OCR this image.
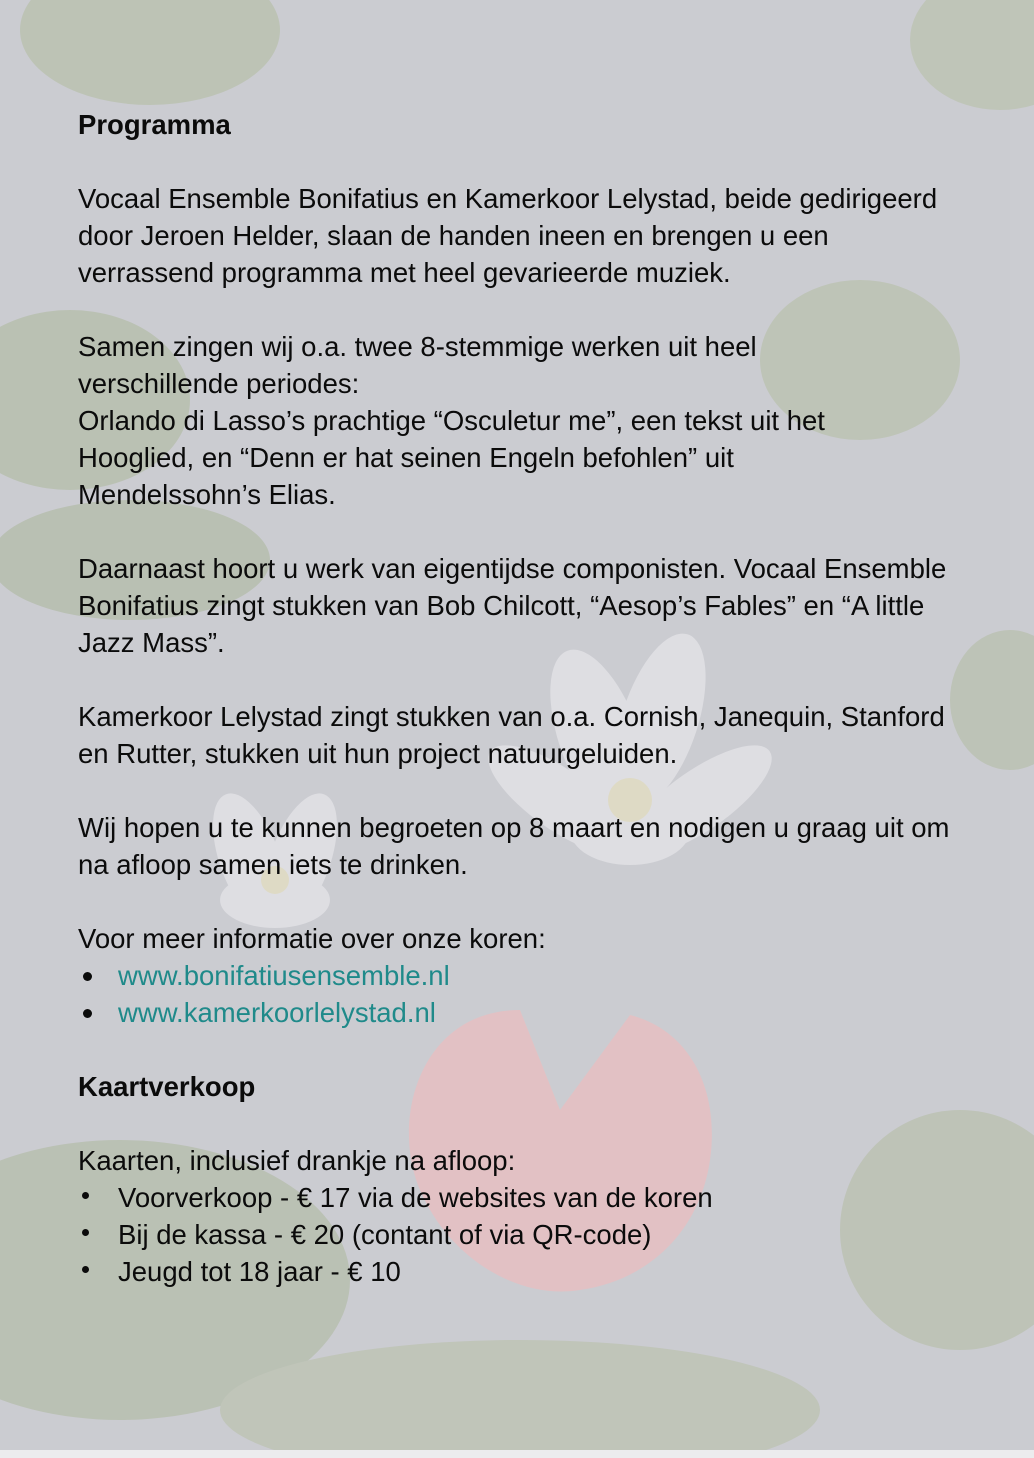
Programma

Vocaal Ensemble Bonifatius en Kamerkoor Lelystad, beide gedirigeerd door Jeroen Helder, slaan de handen ineen en brengen u een verrassend programma met heel gevarieerde muziek.

Samen zingen wij o.a. twee 8-stemmige werken uit heel
verschillende periodes:
Orlando di Lasso’s prachtige “Osculetur me”, een tekst uit het
Hooglied, en “Denn er hat seinen Engeln befohlen” uit
Mendelssohn’s Elias.

Daarnaast hoort u werk van eigentijdse componisten. Vocaal Ensemble Bonifatius zingt stukken van Bob Chilcott, “Aesop’s Fables” en “A little Jazz Mass”.

Kamerkoor Lelystad zingt stukken van o.a. Cornish, Janequin, Stanford en Rutter, stukken uit hun project natuurgeluiden.

Wij hopen u te kunnen begroeten op 8 maart en nodigen u graag uit om na afloop samen iets te drinken.

Voor meer informatie over onze koren:
www.bonifatiusensemble.nl
www.kamerkoorlelystad.nl
Kaartverkoop
Kaarten, inclusief drankje na afloop:
Voorverkoop - € 17 via de websites van de koren
Bij de kassa - € 20 (contant of via QR-code)
Jeugd tot 18 jaar - € 10
